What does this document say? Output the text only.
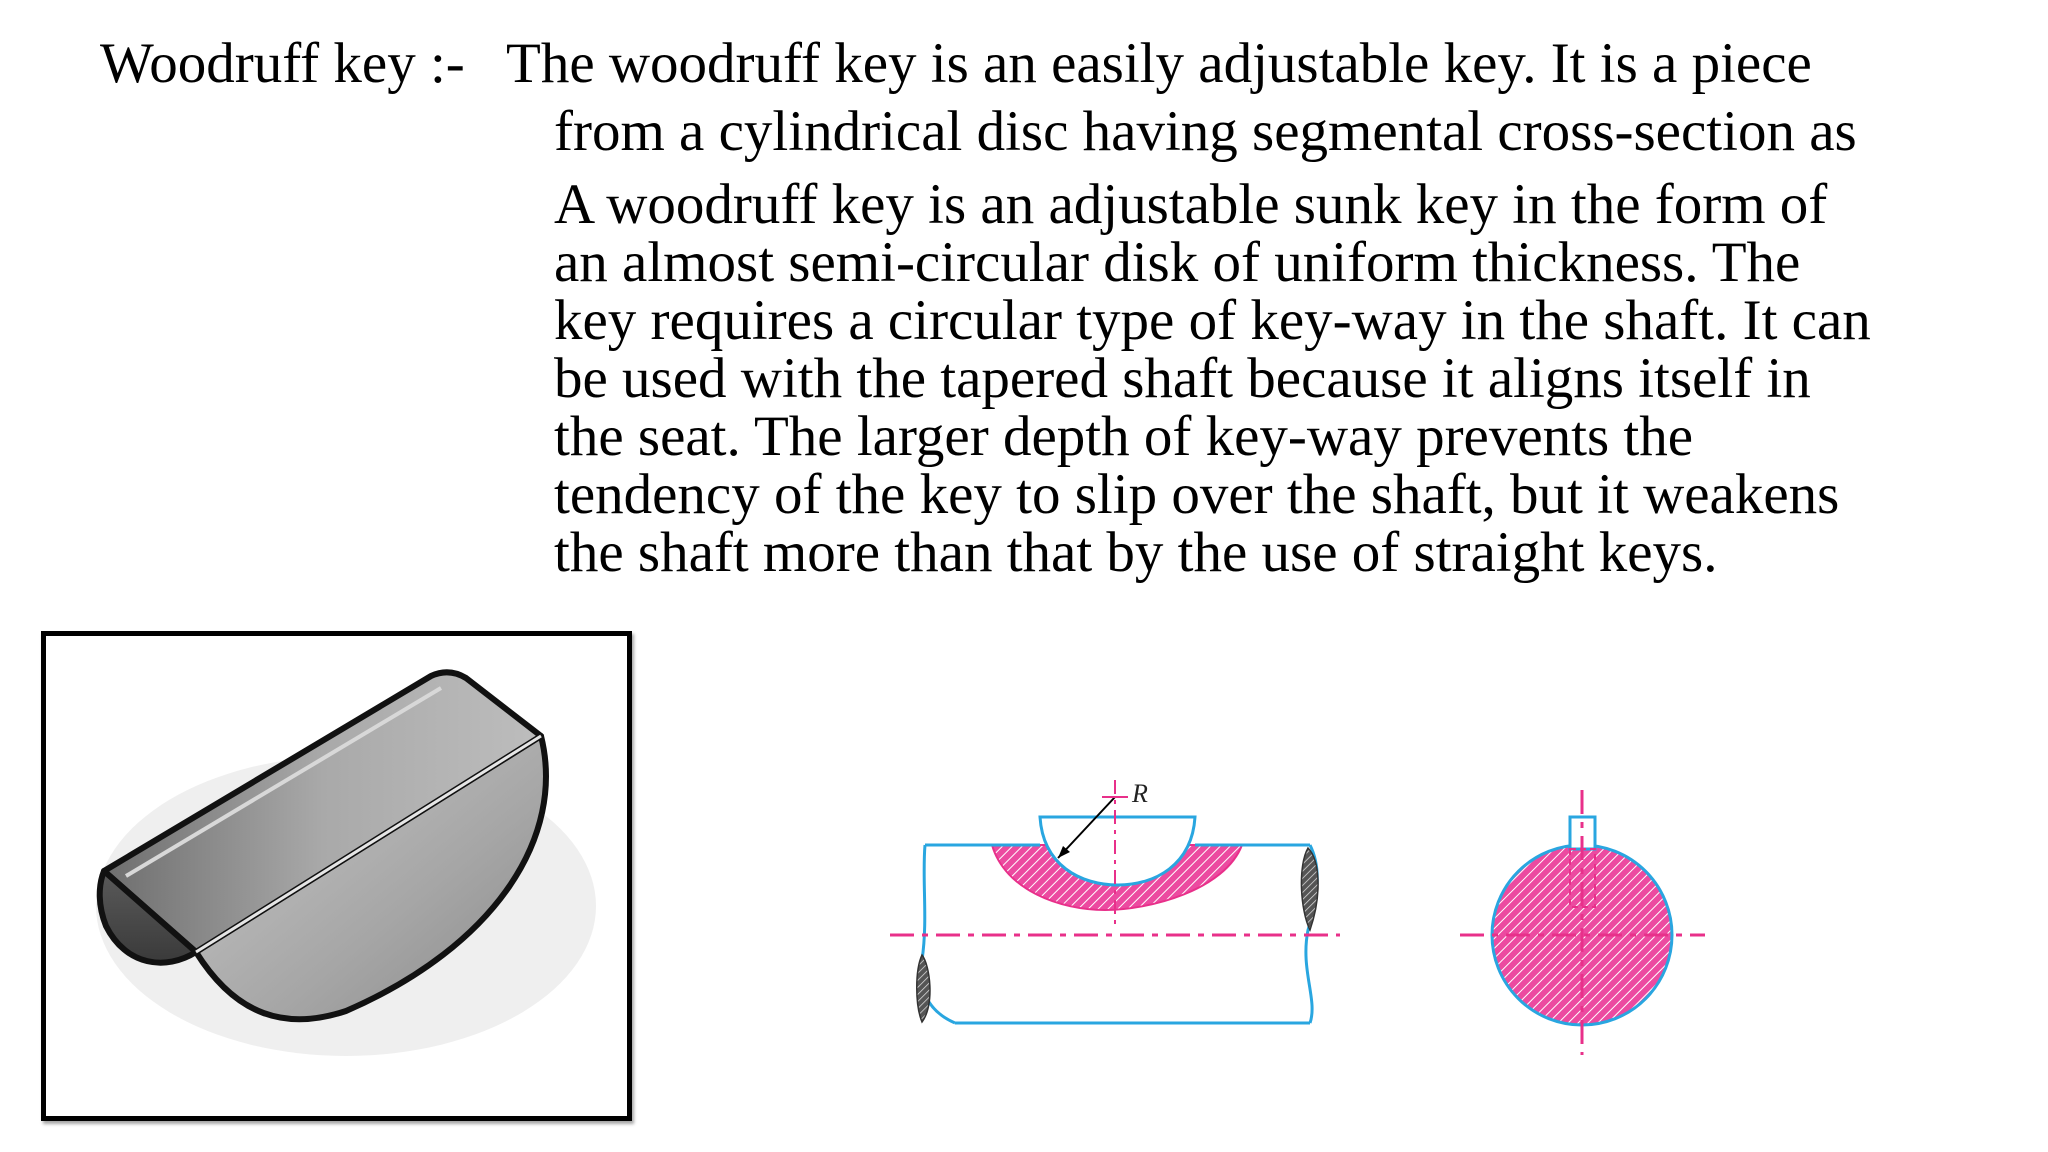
Woodruff key :- The woodruff key is an easily adjustable key. It is a piece
from a cylindrical disc having segmental cross-section as
A woodruff key is an adjustable sunk key in the form of
an almost semi-circular disk of uniform thickness. The
key requires a circular type of key-way in the shaft. It can
be used with the tapered shaft because it aligns itself in
the seat. The larger depth of key-way prevents the
tendency of the key to slip over the shaft, but it weakens
the shaft more than that by the use of straight keys.
R
